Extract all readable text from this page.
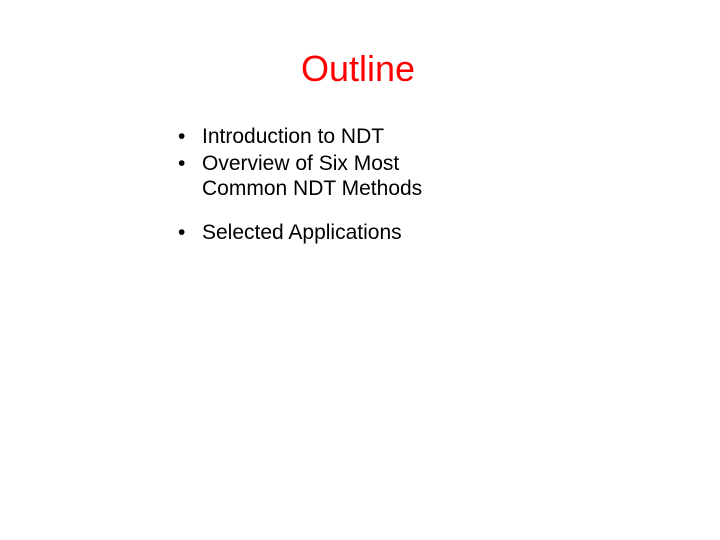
Outline
• Introduction to NDT
• Overview of Six Most
Common NDT Methods
• Selected Applications
